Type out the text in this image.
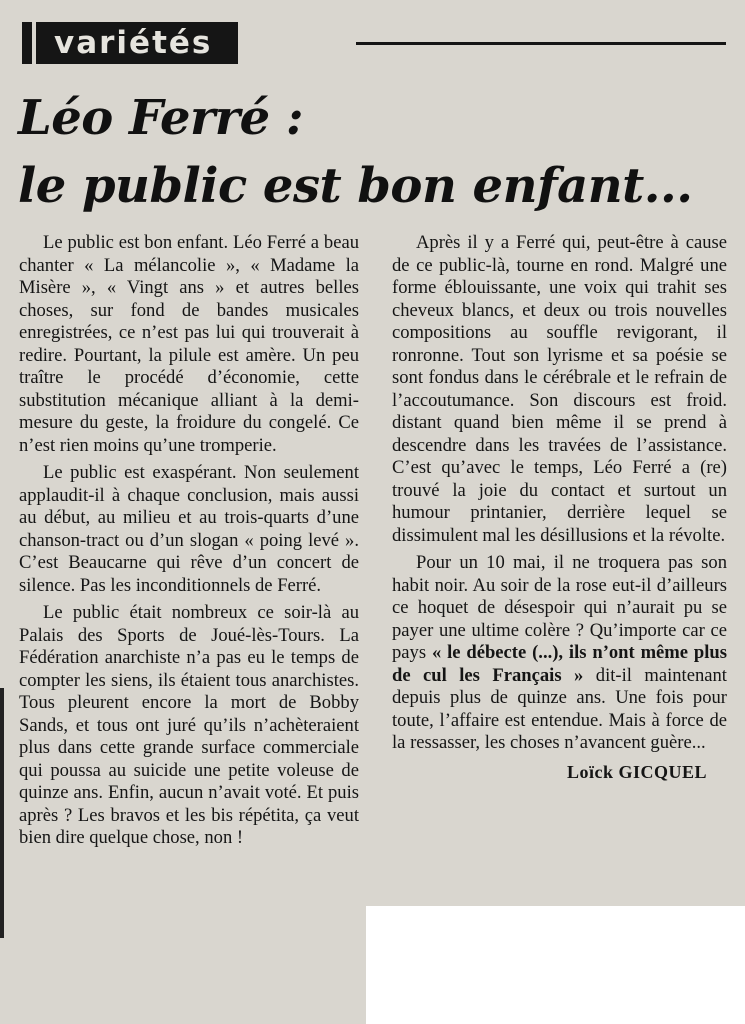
variétés
Léo Ferré :
le public est bon enfant...

Le public est bon enfant. Léo Ferré a beau chanter « La mélancolie », « Madame la Misère », « Vingt ans » et autres belles choses, sur fond de bandes musicales enregistrées, ce n’est pas lui qui trouverait à redire. Pourtant, la pilule est amère. Un peu traître le procédé d’économie, cette substitution mécanique alliant à la demi-mesure du geste, la froidure du congelé. Ce n’est rien moins qu’une tromperie.

Le public est exaspérant. Non seulement applaudit-il à chaque conclusion, mais aussi au début, au milieu et au trois-quarts d’une chanson-tract ou d’un slogan « poing levé ». C’est Beaucarne qui rêve d’un concert de silence. Pas les inconditionnels de Ferré.

Le public était nombreux ce soir-là au Palais des Sports de Joué-lès-Tours. La Fédération anarchiste n’a pas eu le temps de compter les siens, ils étaient tous anarchistes. Tous pleurent encore la mort de Bobby Sands, et tous ont juré qu’ils n’achèteraient plus dans cette grande surface commerciale qui poussa au suicide une petite voleuse de quinze ans. Enfin, aucun n’avait voté. Et puis après ? Les bravos et les bis répétita, ça veut bien dire quelque chose, non !

Après il y a Ferré qui, peut-être à cause de ce public-là, tourne en rond. Malgré une forme éblouissante, une voix qui trahit ses cheveux blancs, et deux ou trois nouvelles compositions au souffle revigorant, il ronronne. Tout son lyrisme et sa poésie se sont fondus dans le cérébrale et le refrain de l’accoutumance. Son discours est froid. distant quand bien même il se prend à descendre dans les travées de l’assistance. C’est qu’avec le temps, Léo Ferré a (re) trouvé la joie du contact et surtout un humour printanier, derrière lequel se dissimulent mal les désillusions et la révolte.

Pour un 10 mai, il ne troquera pas son habit noir. Au soir de la rose eut-il d’ailleurs ce hoquet de désespoir qui n’aurait pu se payer une ultime colère ? Qu’importe car ce pays « le débecte (...), ils n’ont même plus de cul les Français » dit-il maintenant depuis plus de quinze ans. Une fois pour toute, l’affaire est entendue. Mais à force de la ressasser, les choses n’avancent guère...

Loïck GICQUEL
